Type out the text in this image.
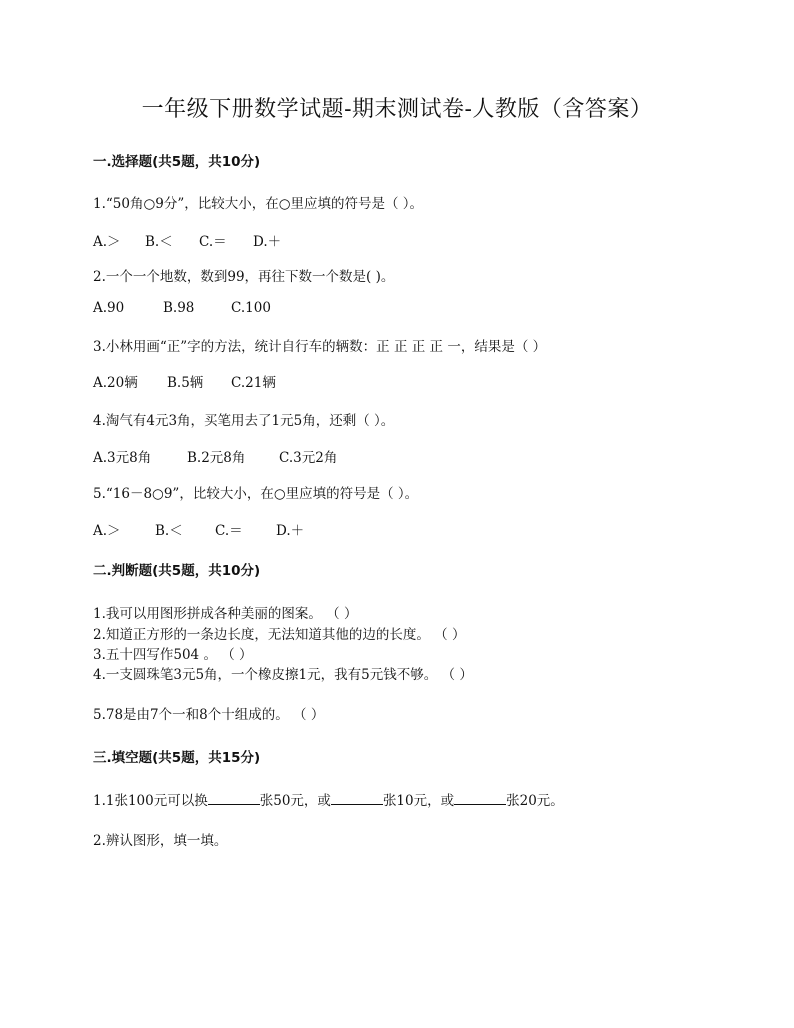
一年级下册数学试题-期末测试卷-人教版（含答案）
一.选择题(共5题，共10分)
1.“50角○9分”，比较大小，在○里应填的符号是（ ）。
A.＞ B.＜ C.＝ D.＋
2.一个一个地数，数到99，再往下数一个数是( )。
A.90	B.98	C.100
3.小林用画“正”字的方法，统计自行车的辆数：正 正 正 正 一，结果是（ ）
A.20辆 B.5辆 C.21辆
4.淘气有4元3角，买笔用去了1元5角，还剩（ ）。
A.3元8角	B.2元8角 C.3元2角
5.“16－8○9”，比较大小，在○里应填的符号是（ ）。
A.＞	B.＜ C.＝ D.＋
二.判断题(共5题，共10分)
1.我可以用图形拼成各种美丽的图案。 （ ）
2.知道正方形的一条边长度，无法知道其他的边的长度。 （ ）
3.五十四写作504 。 （ ）
4.一支圆珠笔3元5角，一个橡皮擦1元，我有5元钱不够。 （ ）
5.78是由7个一和8个十组成的。 （ ）
三.填空题(共5题，共15分)
1.1张100元可以换	张50元，或	张10元，或	张20元。
2.辨认图形，填一填。
